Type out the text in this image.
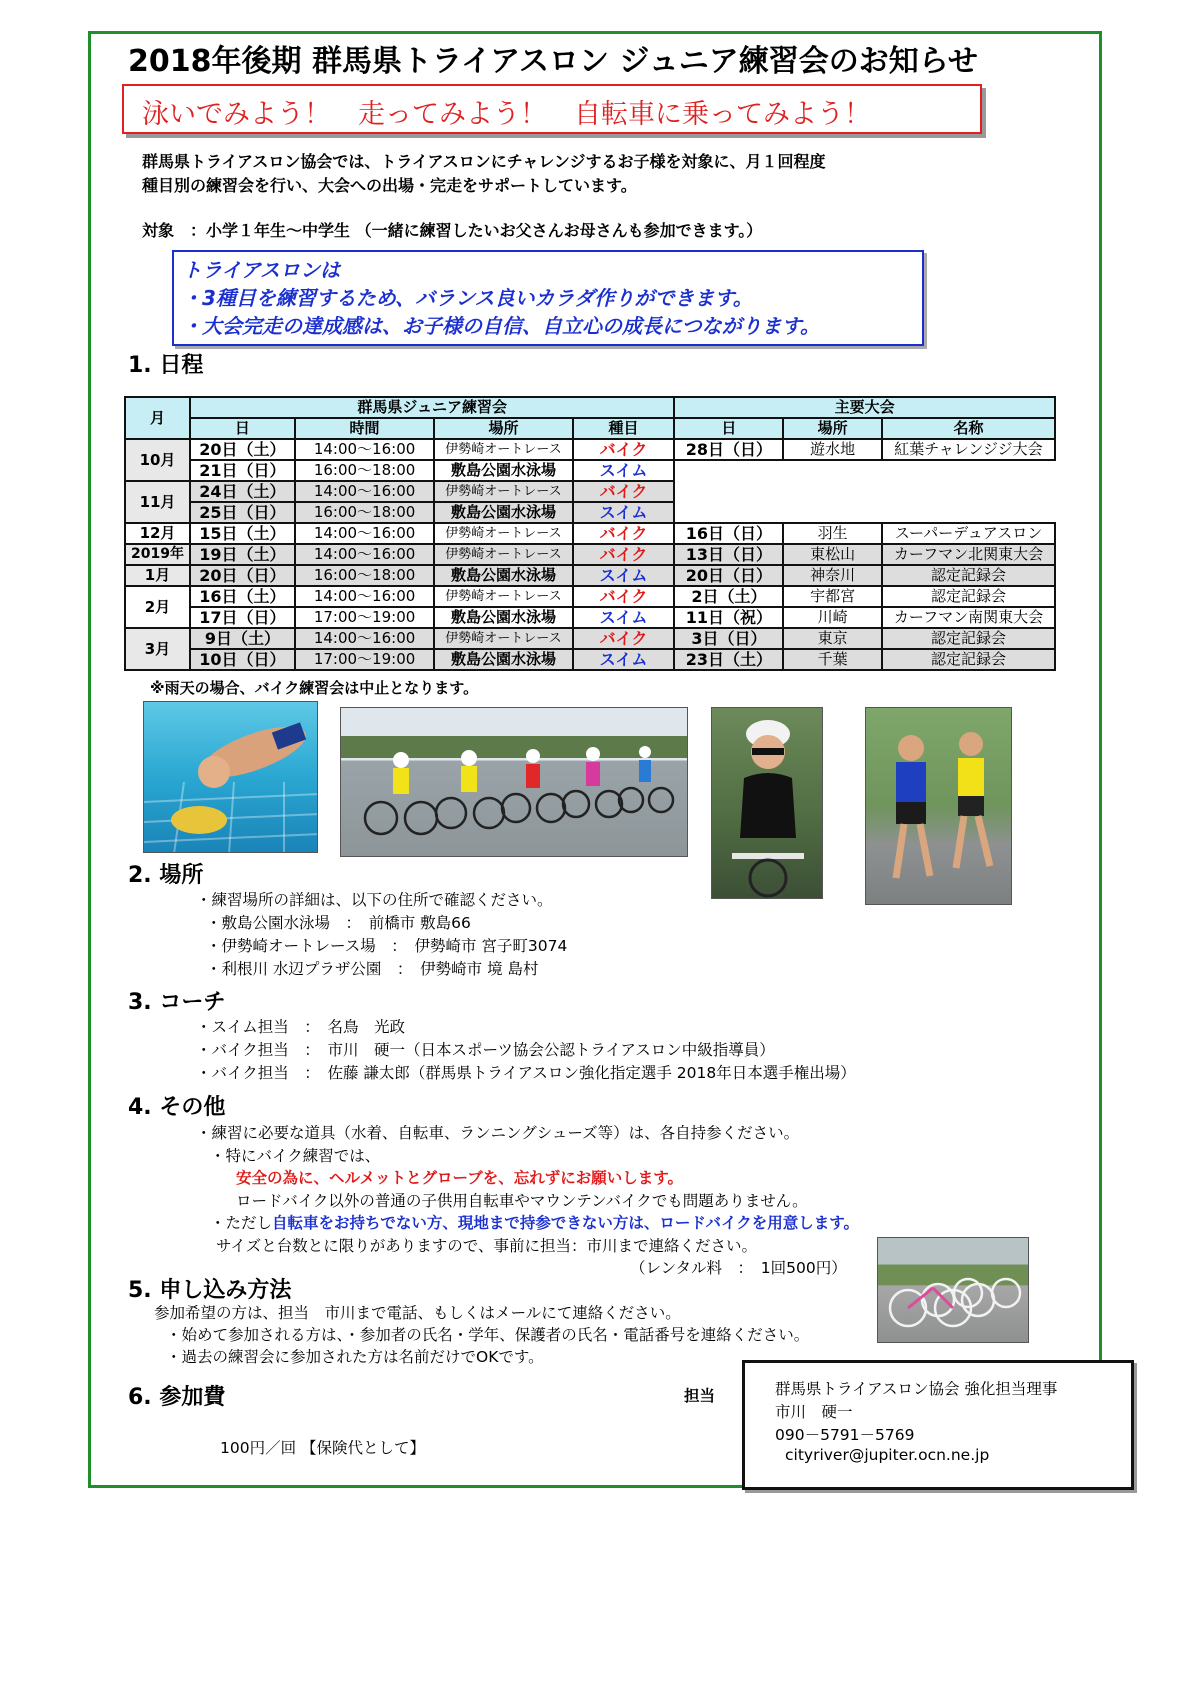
2018年後期 群馬県トライアスロン ジュニア練習会のお知らせ
泳いでみよう！　走ってみよう！　自転車に乗ってみよう！
群馬県トライアスロン協会では、トライアスロンにチャレンジするお子様を対象に、月１回程度
種目別の練習会を行い、大会への出場・完走をサポートしています。
対象　：小学１年生～中学生 （一緒に練習したいお父さんお母さんも参加できます。）
トライアスロンは
・3種目を練習するため、バランス良いカラダ作りができます。
・大会完走の達成感は、お子様の自信、自立心の成長につながります。
1. 日程
月	群馬県ジュニア練習会				主要大会		
	日	時間	場所	種目	日	場所	名称
10月	20日（土）	14:00～16:00	伊勢崎オートレース	バイク	28日（日）	遊水地	紅葉チャレンジジ大会
	21日（日）	16:00～18:00	敷島公園水泳場	スイム			
11月	24日（土）	14:00～16:00	伊勢崎オートレース	バイク			
	25日（日）	16:00～18:00	敷島公園水泳場	スイム			
12月	15日（土）	14:00～16:00	伊勢崎オートレース	バイク	16日（日）	羽生	スーパーデュアスロン
2019年	19日（土）	14:00～16:00	伊勢崎オートレース	バイク	13日（日）	東松山	カーフマン北関東大会
1月	20日（日）	16:00～18:00	敷島公園水泳場	スイム	20日（日）	神奈川	認定記録会
2月	16日（土）	14:00～16:00	伊勢崎オートレース	バイク	2日（土）	宇都宮	認定記録会
	17日（日）	17:00～19:00	敷島公園水泳場	スイム	11日（祝）	川崎	カーフマン南関東大会
3月	9日（土）	14:00～16:00	伊勢崎オートレース	バイク	3日（日）	東京	認定記録会
	10日（日）	17:00～19:00	敷島公園水泳場	スイム	23日（土）	千葉	認定記録会
※雨天の場合、バイク練習会は中止となります。
2. 場所
・練習場所の詳細は、以下の住所で確認ください。
・敷島公園水泳場　：　前橋市 敷島66
・伊勢崎オートレース場　：　伊勢崎市 宮子町3074
・利根川 水辺プラザ公園　：　伊勢崎市 境 島村
3. コーチ
・スイム担当　：　名鳥　光政
・バイク担当　：　市川　硬一（日本スポーツ協会公認トライアスロン中級指導員）
・バイク担当　：　佐藤 謙太郎（群馬県トライアスロン強化指定選手 2018年日本選手権出場）
4. その他
・練習に必要な道具（水着、自転車、ランニングシューズ等）は、各自持参ください。
・特にバイク練習では、
安全の為に、ヘルメットとグローブを、忘れずにお願いします。
ロードバイク以外の普通の子供用自転車やマウンテンバイクでも問題ありません。
・ただし自転車をお持ちでない方、現地まで持参できない方は、ロードバイクを用意します。
サイズと台数とに限りがありますので、事前に担当：市川まで連絡ください。
（レンタル料　：　1回500円）
5. 申し込み方法
参加希望の方は、担当　市川まで電話、もしくはメールにて連絡ください。
・始めて参加される方は、・参加者の氏名・学年、保護者の氏名・電話番号を連絡ください。
・過去の練習会に参加された方は名前だけでOKです。
6. 参加費
100円／回 【保険代として】
担当	群馬県トライアスロン協会 強化担当理事
市川　硬一
090－5791－5769
cityriver@jupiter.ocn.ne.jp
